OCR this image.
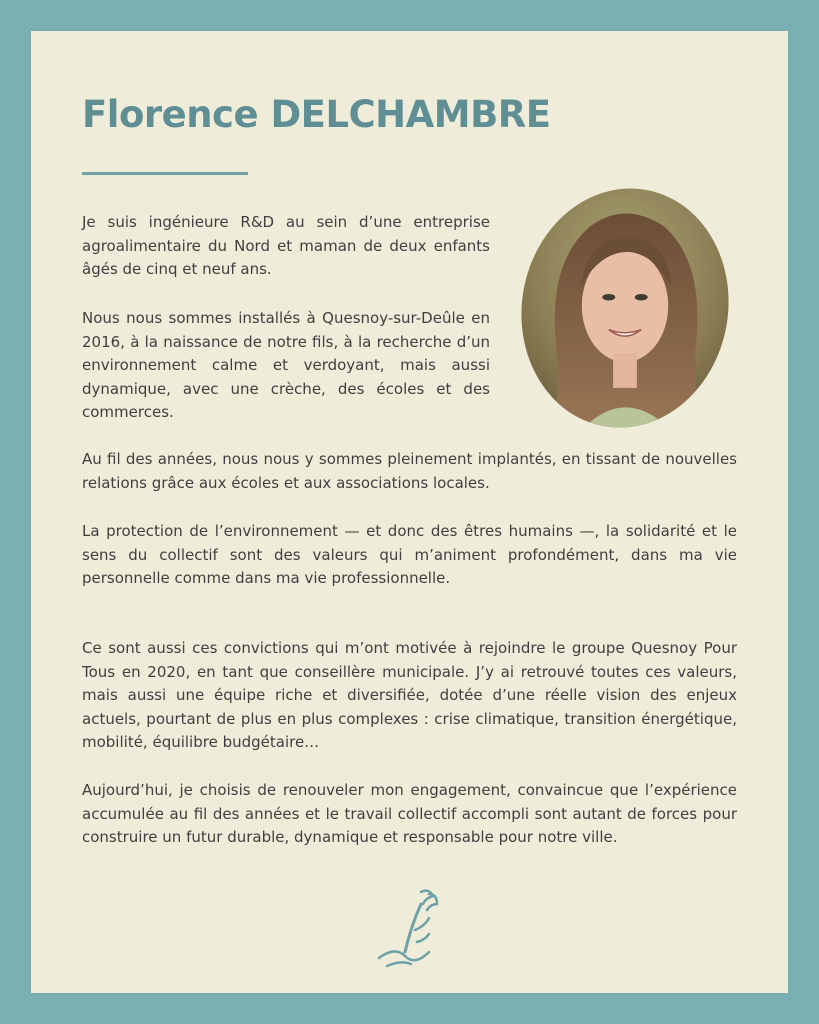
Florence DELCHAMBRE

Je suis ingénieure R&D au sein d’une entreprise agroalimentaire du Nord et maman de deux enfants âgés de cinq et neuf ans.

Nous nous sommes installés à Quesnoy-sur-Deûle en 2016, à la naissance de notre fils, à la recherche d’un environnement calme et verdoyant, mais aussi dynamique, avec une crèche, des écoles et des commerces.

Au fil des années, nous nous y sommes pleinement implantés, en tissant de nouvelles relations grâce aux écoles et aux associations locales.

La protection de l’environnement — et donc des êtres humains —, la solidarité et le sens du collectif sont des valeurs qui m’animent profondément, dans ma vie personnelle comme dans ma vie professionnelle.

Ce sont aussi ces convictions qui m’ont motivée à rejoindre le groupe Quesnoy Pour Tous en 2020, en tant que conseillère municipale. J’y ai retrouvé toutes ces valeurs, mais aussi une équipe riche et diversifiée, dotée d’une réelle vision des enjeux actuels, pourtant de plus en plus complexes : crise climatique, transition énergétique, mobilité, équilibre budgétaire…

Aujourd’hui, je choisis de renouveler mon engagement, convaincue que l’expérience accumulée au fil des années et le travail collectif accompli sont autant de forces pour construire un futur durable, dynamique et responsable pour notre ville.
